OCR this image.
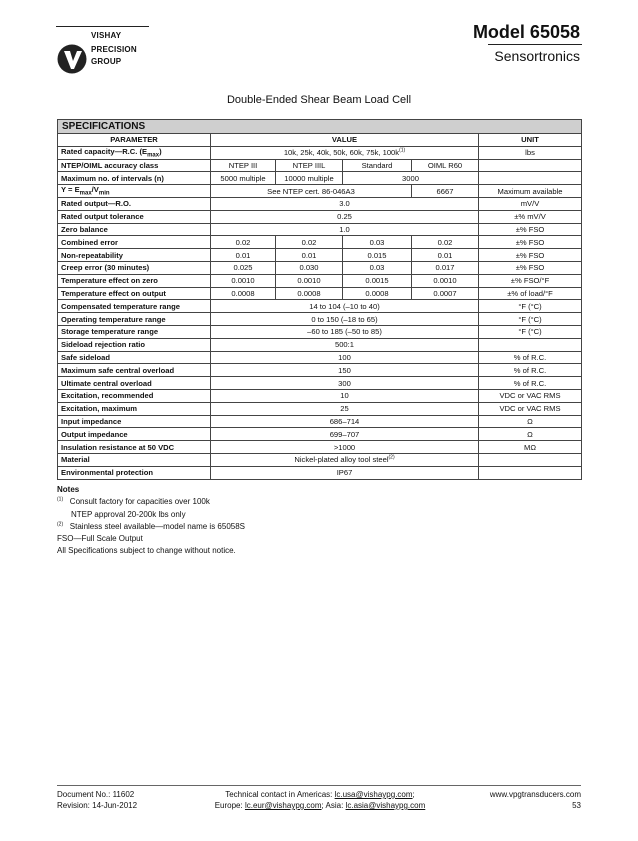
VISHAY
PRECISION
GROUP
Model 65058
Sensortronics
Double-Ended Shear Beam Load Cell
SPECIFICATIONS					
PARAMETER	VALUE				UNIT
Rated capacity—R.C. $(E_{max})$	10k, 25k, 40k, 50k, 60k, 75k, $100k^{(1)}$				lbs
NTEP/OIML accuracy class	NTEP III	NTEP IIIL	Standard	OIML R60	
Maximum no. of intervals (n)	5000 multiple	10000 multiple	3000		
$Y = E_{max}/V_{min}$	See NTEP cert. 86-046A3			6667	Maximum available
Rated output—R.O.	3.0				mV/V
Rated output tolerance	0.25				±% mV/V
Zero balance	1.0				±% FSO
Combined error	0.02	0.02	0.03	0.02	±% FSO
Non-repeatability	0.01	0.01	0.015	0.01	±% FSO
Creep error (30 minutes)	0.025	0.030	0.03	0.017	±% FSO
Temperature effect on zero	0.0010	0.0010	0.0015	0.0010	±% FSO/°F
Temperature effect on output	0.0008	0.0008	0.0008	0.0007	±% of load/°F
Compensated temperature range	14 to 104 (–10 to 40)				°F (°C)
Operating temperature range	0 to 150 (–18 to 65)				°F (°C)
Storage temperature range	–60 to 185 (–50 to 85)				°F (°C)
Sideload rejection ratio	500:1				
Safe sideload	100				% of R.C.
Maximum safe central overload	150				% of R.C.
Ultimate central overload	300				% of R.C.
Excitation, recommended	10				VDC or VAC RMS
Excitation, maximum	25				VDC or VAC RMS
Input impedance	686–714				Ω
Output impedance	699–707				Ω
Insulation resistance at 50 VDC	>1000				MΩ
Material	Nickel-plated alloy tool steel$^{(2)}$	
Environmental protection	IP67				
Notes
$^{(1)}$ Consult factory for capacities over 100k
NTEP approval 20-200k lbs only
$^{(2)}$ Stainless steel available—model name is 65058S
FSO—Full Scale Output
All Specifications subject to change without notice.
Document No.: 11602
Revision: 14-Jun-2012
Technical contact in Americas: lc.usa@vishaypg.com;
Europe: lc.eur@vishaypg.com; Asia: lc.asia@vishaypg.com
www.vpgtransducers.com
53
